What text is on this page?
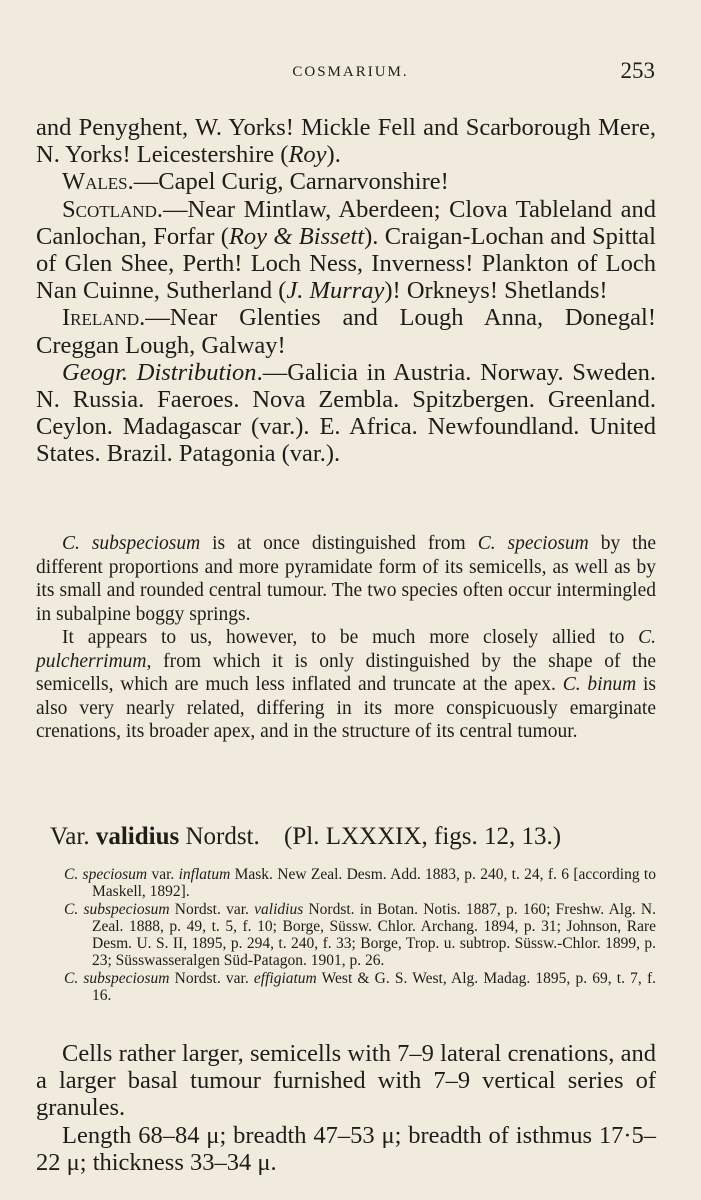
COSMARIUM.	253

and Penyghent, W. Yorks! Mickle Fell and Scarborough Mere, N. Yorks! Leicestershire (Roy).

Wales.—Capel Curig, Carnarvonshire!

Scotland.—Near Mintlaw, Aberdeen; Clova Tableland and Canlochan, Forfar (Roy & Bissett). Craigan-Lochan and Spittal of Glen Shee, Perth! Loch Ness, Inverness! Plankton of Loch Nan Cuinne, Sutherland (J. Murray)! Orkneys! Shetlands!

Ireland.—Near Glenties and Lough Anna, Donegal! Creggan Lough, Galway!

Geogr. Distribution.—Galicia in Austria. Norway. Sweden. N. Russia. Faeroes. Nova Zembla. Spitzbergen. Greenland. Ceylon. Madagascar (var.). E. Africa. Newfoundland. United States. Brazil. Patagonia (var.).

C. subspeciosum is at once distinguished from C. speciosum by the different proportions and more pyramidate form of its semicells, as well as by its small and rounded central tumour. The two species often occur intermingled in subalpine boggy springs.

It appears to us, however, to be much more closely allied to C. pulcherrimum, from which it is only distinguished by the shape of the semicells, which are much less inflated and truncate at the apex. C. binum is also very nearly related, differing in its more conspicuously emarginate crenations, its broader apex, and in the structure of its central tumour.

Var. validius Nordst. (Pl. LXXXIX, figs. 12, 13.)

C. speciosum var. inflatum Mask. New Zeal. Desm. Add. 1883, p. 240, t. 24, f. 6 [according to Maskell, 1892].

C. subspeciosum Nordst. var. validius Nordst. in Botan. Notis. 1887, p. 160; Freshw. Alg. N. Zeal. 1888, p. 49, t. 5, f. 10; Borge, Süssw. Chlor. Archang. 1894, p. 31; Johnson, Rare Desm. U. S. II, 1895, p. 294, t. 240, f. 33; Borge, Trop. u. subtrop. Süssw.-Chlor. 1899, p. 23; Süsswasseralgen Süd-Patagon. 1901, p. 26.

C. subspeciosum Nordst. var. effigiatum West & G. S. West, Alg. Madag. 1895, p. 69, t. 7, f. 16.

Cells rather larger, semicells with 7–9 lateral crenations, and a larger basal tumour furnished with 7–9 vertical series of granules.

Length 68–84 μ; breadth 47–53 μ; breadth of isthmus 17·5–22 μ; thickness 33–34 μ.
